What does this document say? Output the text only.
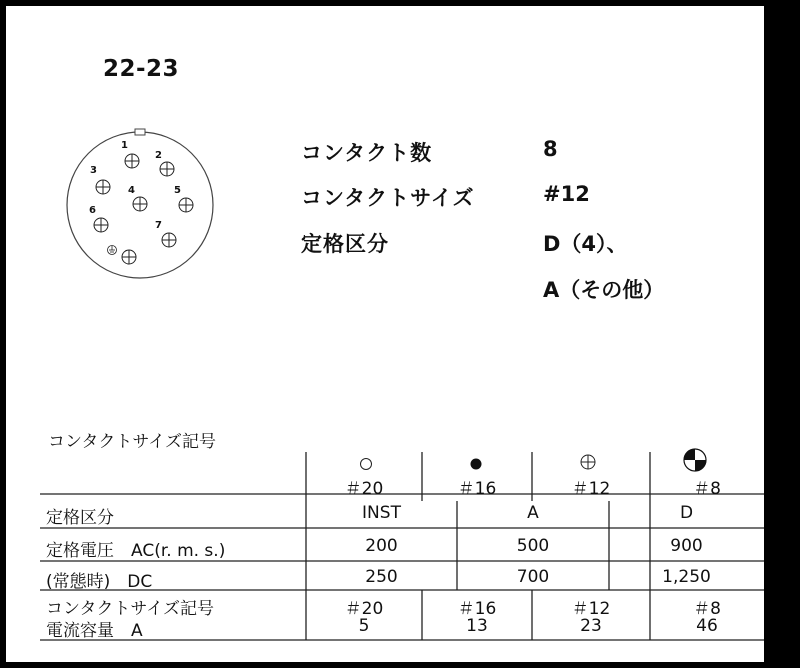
22-23
1
2
3
4	5
6
7
コンタクト数	8
コンタクトサイズ	#12
定格区分	D（4）、
A（その他）
コンタクトサイズ記号
＃20	＃16	＃12	＃8
定格区分	INST	A	D
定格電圧　AC(r. m. s.)	200	500	900
(常態時)　DC	250	700	1,250
コンタクトサイズ記号	＃20	＃16	＃12	＃8
電流容量　A	5	13	23	46
